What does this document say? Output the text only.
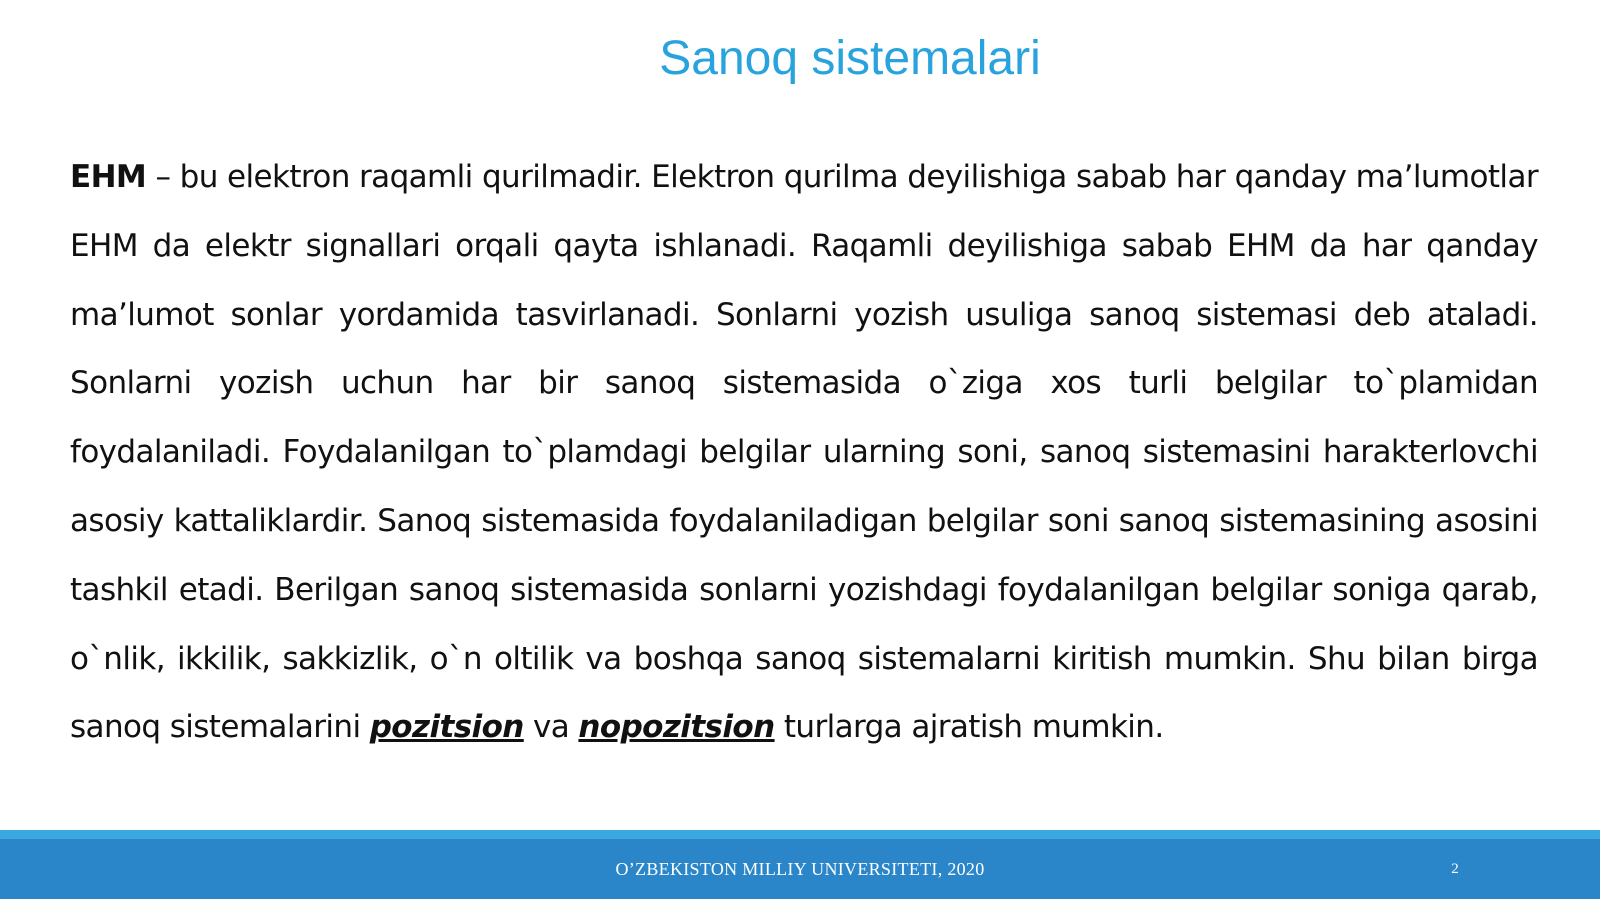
Sanoq sistemalari
EHM – bu elektron raqamli qurilmadir. Elektron qurilma deyilishiga sabab har qanday ma’lumotlar EHM da elektr signallari orqali qayta ishlanadi. Raqamli deyilishiga sabab EHM da har qanday ma’lumot sonlar yordamida tasvirlanadi. Sonlarni yozish usuliga sanoq sistemasi deb ataladi. Sonlarni yozish uchun har bir sanoq sistemasida o`ziga xos turli belgilar to`plamidan foydalaniladi. Foydalanilgan to`plamdagi belgilar ularning soni, sanoq sistemasini harakterlovchi asosiy kattaliklardir. Sanoq sistemasida foydalaniladigan belgilar soni sanoq sistemasining asosini tashkil etadi. Berilgan sanoq sistemasida sonlarni yozishdagi foydalanilgan belgilar soniga qarab, o`nlik, ikkilik, sakkizlik, o`n oltilik va boshqa sanoq sistemalarni kiritish mumkin. Shu bilan birga sanoq sistemalarini pozitsion va nopozitsion turlarga ajratish mumkin.
O’ZBEKISTON MILLIY UNIVERSITETI, 2020	2
